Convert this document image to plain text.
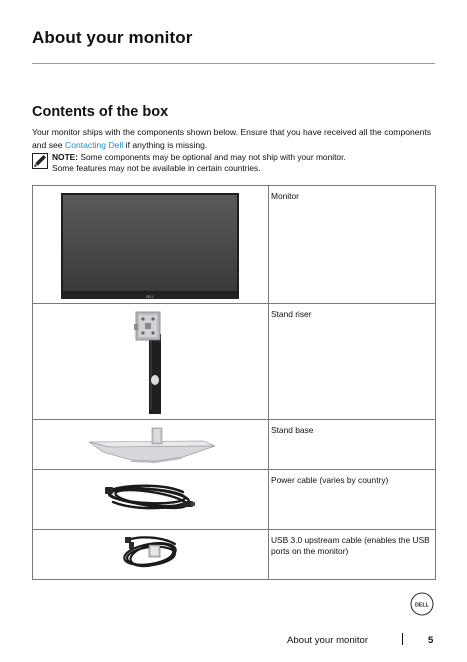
About your monitor
Contents of the box
Your monitor ships with the components shown below. Ensure that you have received all the components and see Contacting Dell if anything is missing.
NOTE: Some components may be optional and may not ship with your monitor.
Some features may not be available in certain countries.
DELL	Monitor

	Stand riser

	Stand base

	Power cable (varies by country)

	USB 3.0 upstream cable (enables the USB ports on the monitor)
DELL
About your monitor	5
